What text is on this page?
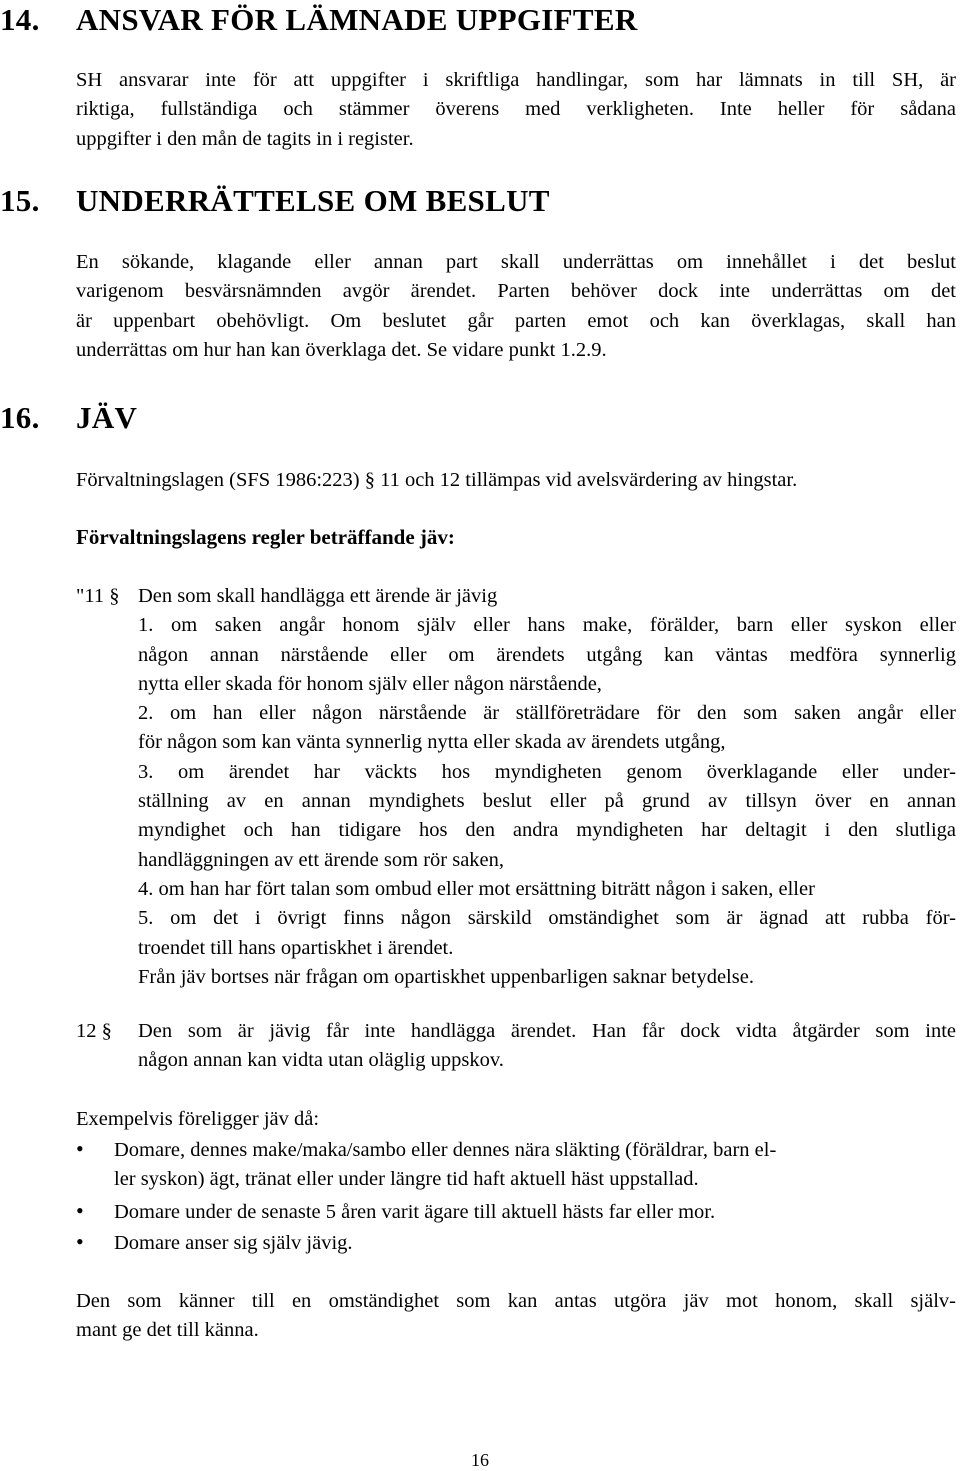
14. ANSVAR FÖR LÄMNADE UPPGIFTER
SH ansvarar inte för att uppgifter i skriftliga handlingar, som har lämnats in till SH, är
riktiga, fullständiga och stämmer överens med verkligheten. Inte heller för sådana
uppgifter i den mån de tagits in i register.
15. UNDERRÄTTELSE OM BESLUT
En sökande, klagande eller annan part skall underrättas om innehållet i det beslut
varigenom besvärsnämnden avgör ärendet. Parten behöver dock inte underrättas om det
är uppenbart obehövligt. Om beslutet går parten emot och kan överklagas, skall han
underrättas om hur han kan överklaga det. Se vidare punkt 1.2.9.
16. JÄV
Förvaltningslagen (SFS 1986:223) § 11 och 12 tillämpas vid avelsvärdering av hingstar.
Förvaltningslagens regler beträffande jäv:
"11 § Den som skall handlägga ett ärende är jävig
1. om saken angår honom själv eller hans make, förälder, barn eller syskon eller
någon annan närstående eller om ärendets utgång kan väntas medföra synnerlig
nytta eller skada för honom själv eller någon närstående,
2. om han eller någon närstående är ställföreträdare för den som saken angår eller
för någon som kan vänta synnerlig nytta eller skada av ärendets utgång,
3. om ärendet har väckts hos myndigheten genom överklagande eller under-
ställning av en annan myndighets beslut eller på grund av tillsyn över en annan
myndighet och han tidigare hos den andra myndigheten har deltagit i den slutliga
handläggningen av ett ärende som rör saken,
4. om han har fört talan som ombud eller mot ersättning biträtt någon i saken, eller
5. om det i övrigt finns någon särskild omständighet som är ägnad att rubba för-
troendet till hans opartiskhet i ärendet.
Från jäv bortses när frågan om opartiskhet uppenbarligen saknar betydelse.
12 § Den som är jävig får inte handlägga ärendet. Han får dock vidta åtgärder som inte
någon annan kan vidta utan oläglig uppskov.
Exempelvis föreligger jäv då:
• Domare, dennes make/maka/sambo eller dennes nära släkting (föräldrar, barn el-
ler syskon) ägt, tränat eller under längre tid haft aktuell häst uppstallad.
• Domare under de senaste 5 åren varit ägare till aktuell hästs far eller mor.
• Domare anser sig själv jävig.
Den som känner till en omständighet som kan antas utgöra jäv mot honom, skall själv-
mant ge det till känna.
16
